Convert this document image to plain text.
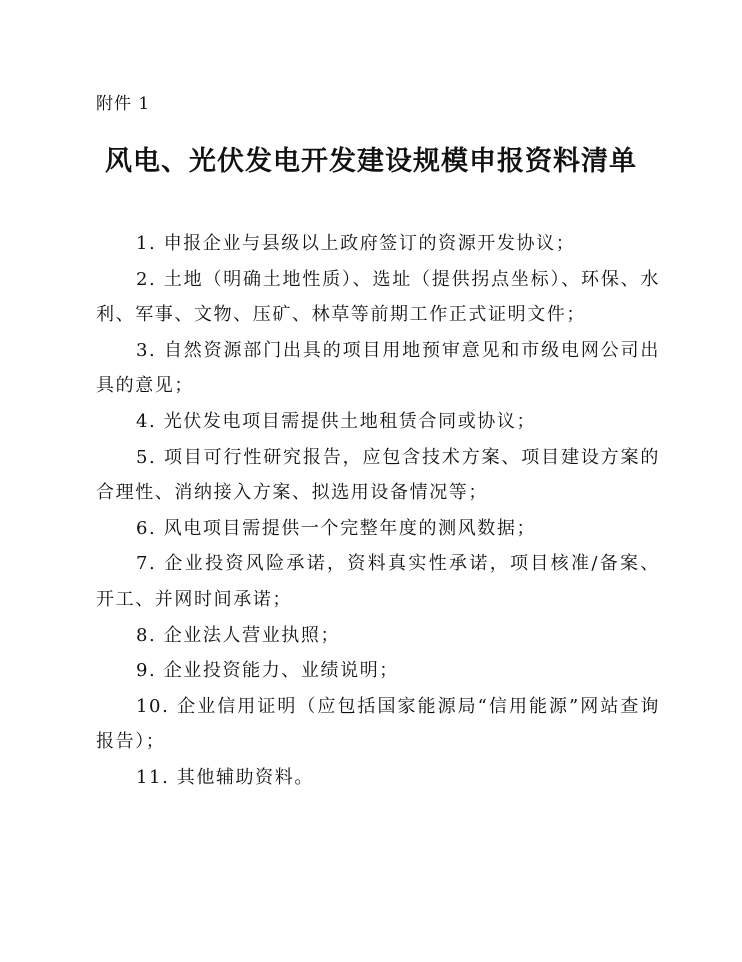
附件 1
风电、光伏发电开发建设规模申报资料清单
1. 申报企业与县级以上政府签订的资源开发协议；
2. 土地（明确土地性质）、选址（提供拐点坐标）、环保、水利、军事、文物、压矿、林草等前期工作正式证明文件；
3. 自然资源部门出具的项目用地预审意见和市级电网公司出具的意见；
4. 光伏发电项目需提供土地租赁合同或协议；
5. 项目可行性研究报告，应包含技术方案、项目建设方案的合理性、消纳接入方案、拟选用设备情况等；
6. 风电项目需提供一个完整年度的测风数据；
7. 企业投资风险承诺，资料真实性承诺，项目核准/备案、开工、并网时间承诺；
8. 企业法人营业执照；
9. 企业投资能力、业绩说明；
10. 企业信用证明（应包括国家能源局“信用能源”网站查询报告）；
11. 其他辅助资料。
